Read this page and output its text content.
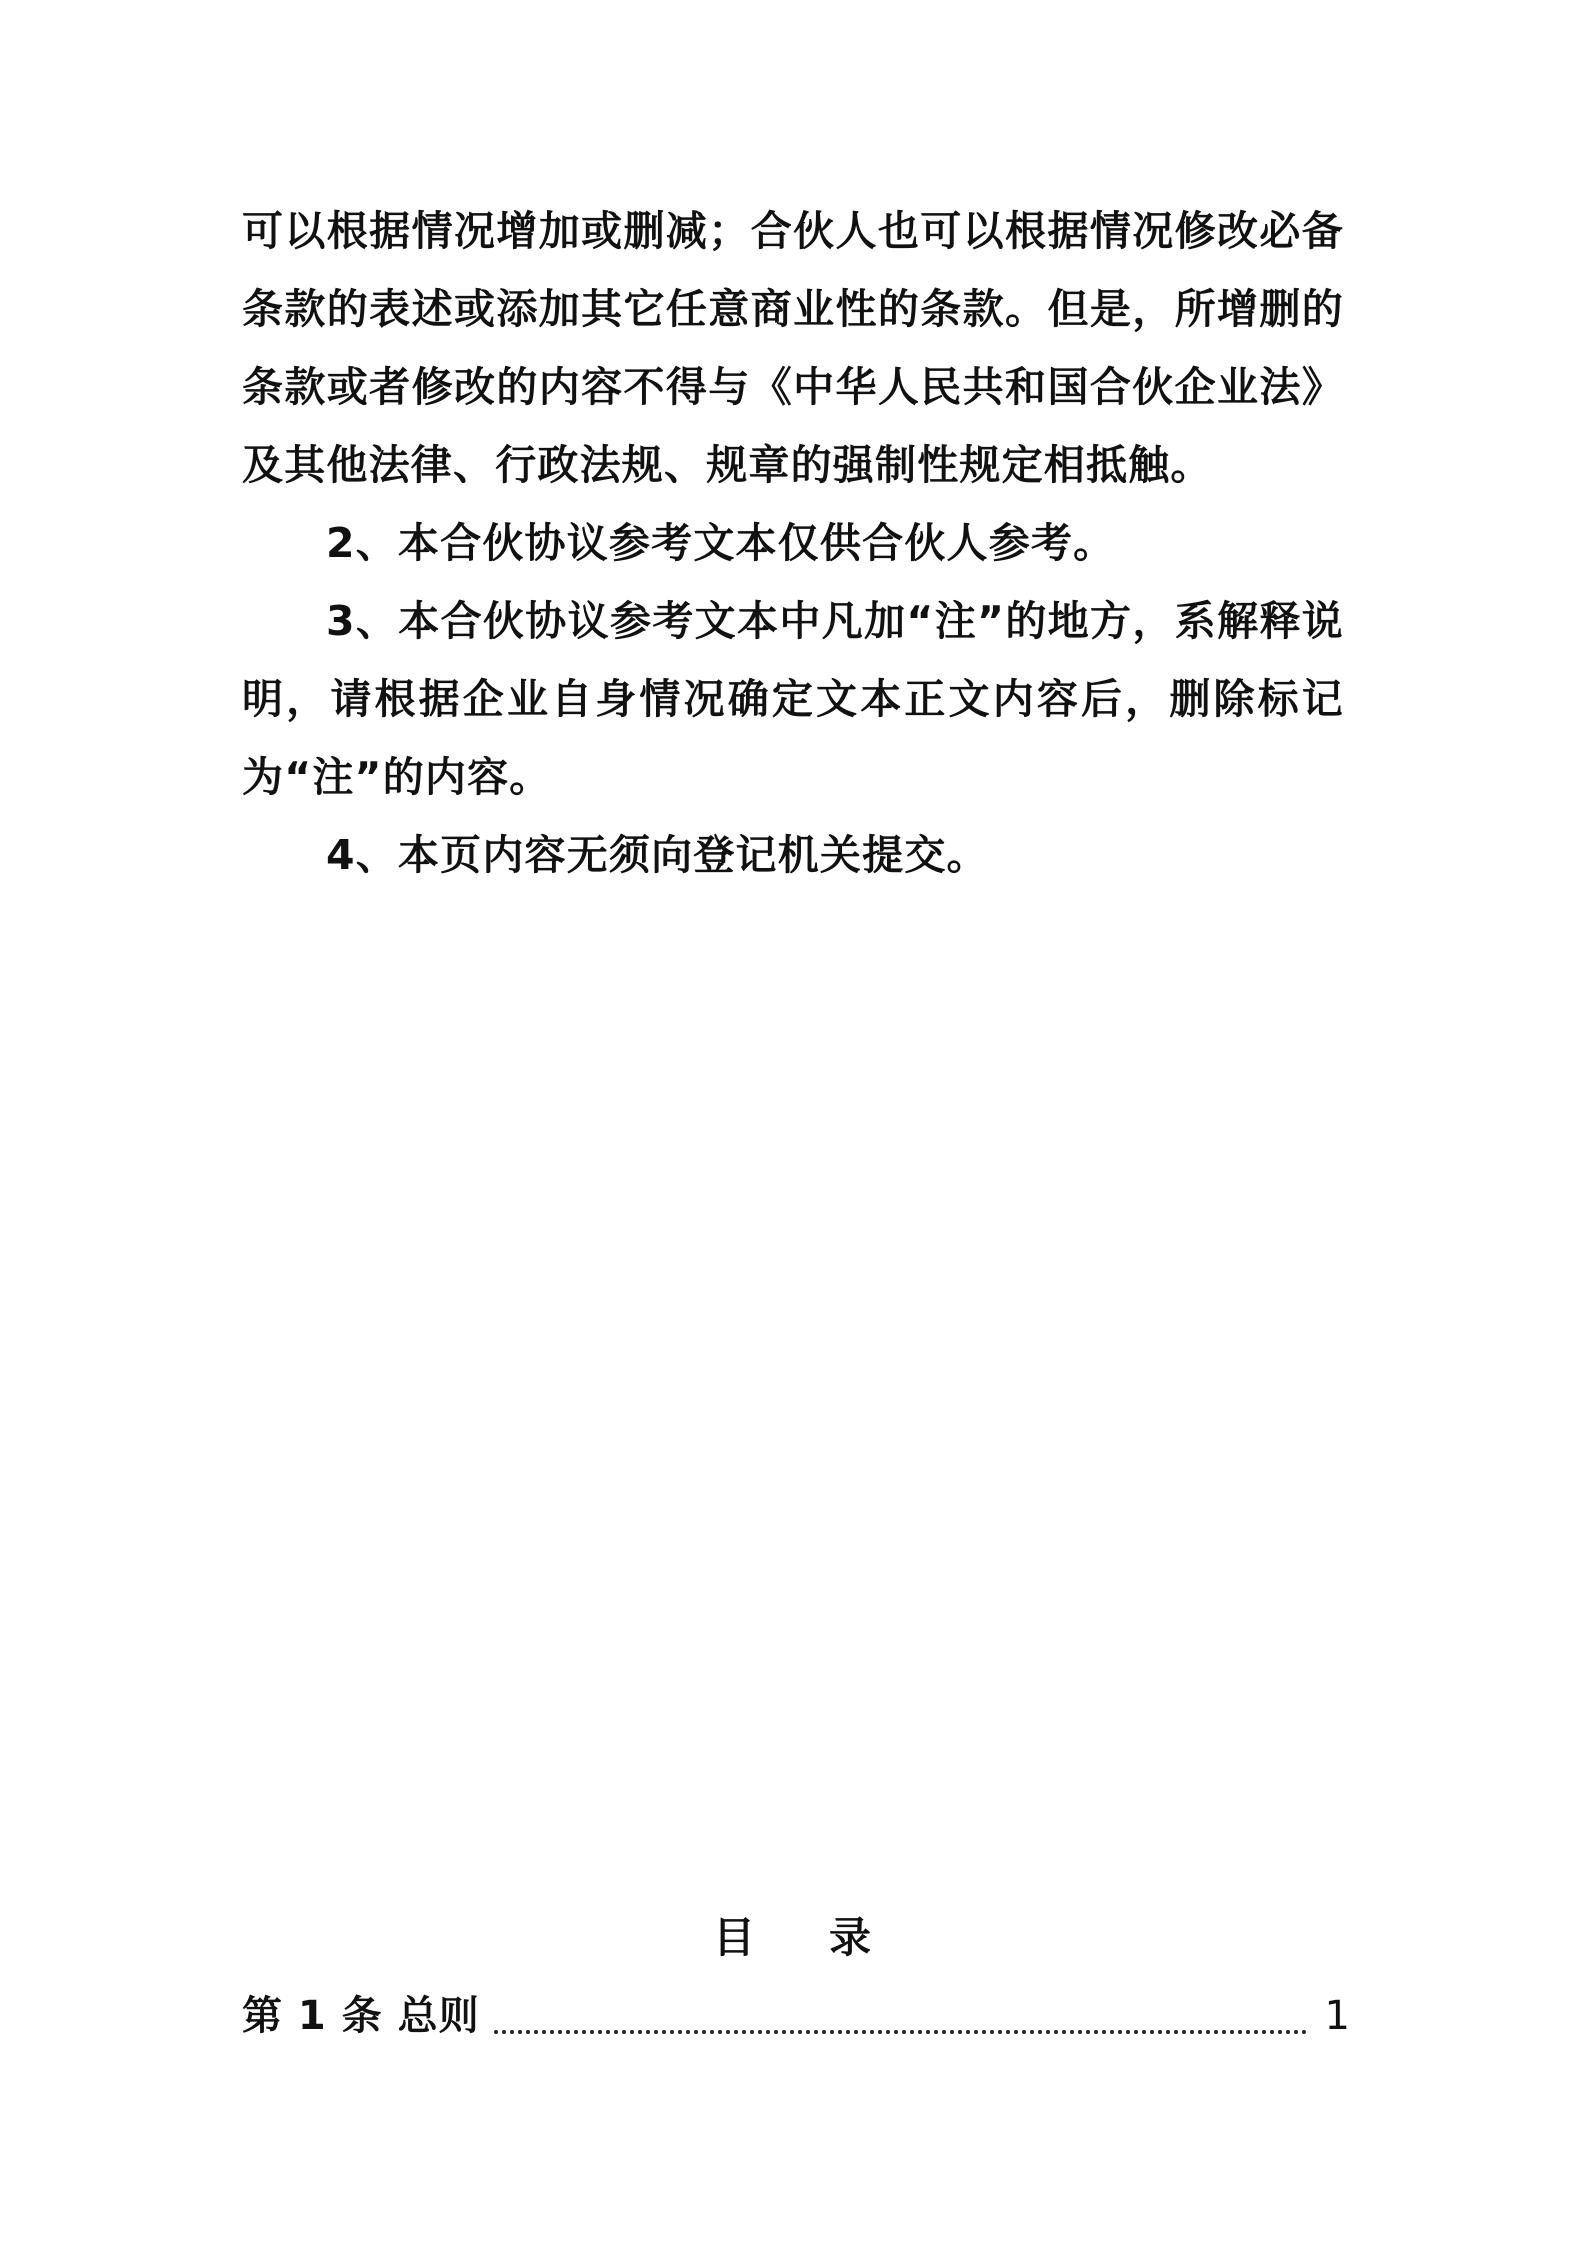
可以根据情况增加或删减；合伙人也可以根据情况修改必备条款的表述或添加其它任意商业性的条款。但是，所增删的条款或者修改的内容不得与《中华人民共和国合伙企业法》及其他法律、行政法规、规章的强制性规定相抵触。

2、本合伙协议参考文本仅供合伙人参考。

3、本合伙协议参考文本中凡加“注”的地方，系解释说明，请根据企业自身情况确定文本正文内容后，删除标记为“注”的内容。

4、本页内容无须向登记机关提交。

目 录
第 1 条 总则	1
